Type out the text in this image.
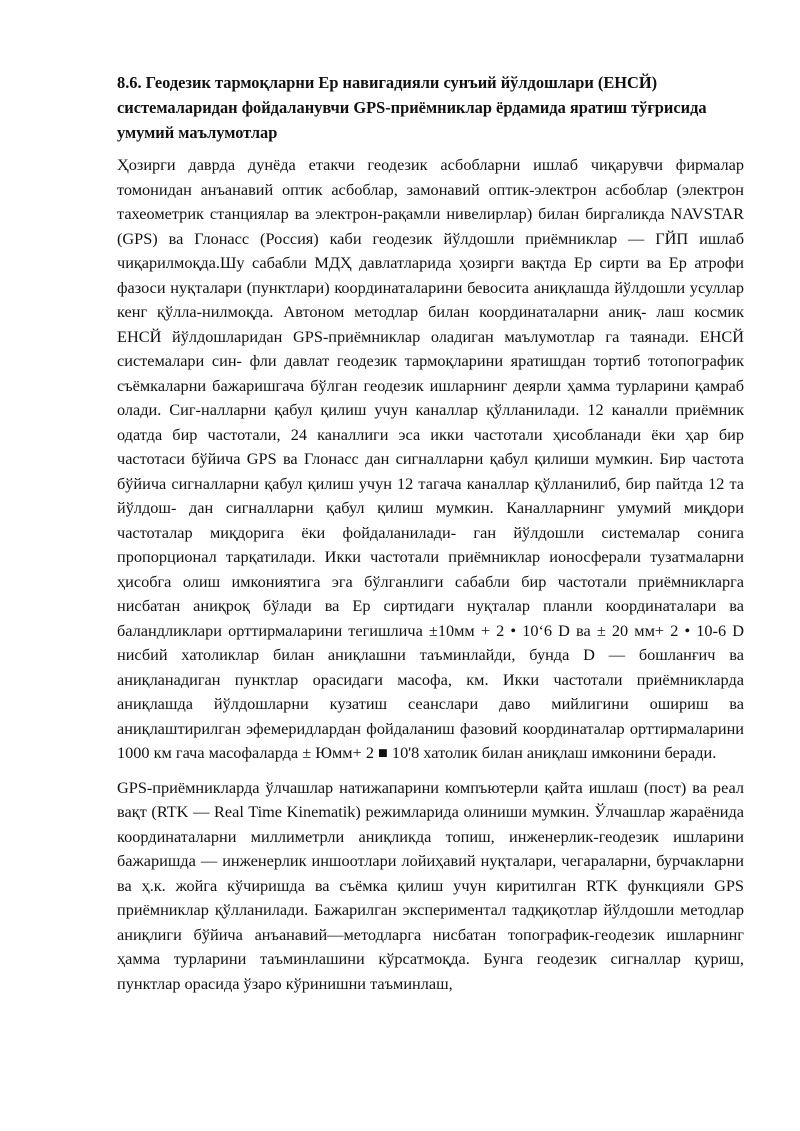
8.6. Геодезик тармоқларни Ер навигадияли сунъий йўлдошлари (ЕНСЙ) системаларидан фойдаланувчи GPS-приёмниклар ёрдамида яратиш тўғрисида умумий маълумотлар

Ҳозирги даврда дунёда етакчи геодезик асбобларни ишлаб чиқарувчи фирмалар томонидан анъанавий оптик асбоблар, замонавий оптик-электрон асбоблар (электрон тахеометрик станциялар ва электрон-рақамли нивелирлар) билан биргаликда NAVSTAR (GPS) ва Глонасс (Россия) каби геодезик йўлдошли приёмниклар — ГЙП ишлаб чиқарилмоқда.Шу сабабли МДҲ давлатларида ҳозирги вақтда Ер сирти ва Ер атрофи фазоси нуқталари (пунктлари) координаталарини бевосита аниқлашда йўлдошли усуллар кенг қўлла-нилмоқда. Автоном методлар билан координаталарни аниқ- лаш космик ЕНСЙ йўлдошларидан GPS-приёмниклар оладиган маълумотлар га таянади. ЕНСЙ системалари син- фли давлат геодезик тармоқларини яратишдан тортиб тотопографик съёмкаларни бажаришгача бўлган геодезик ишларнинг деярли ҳамма турларини қамраб олади. Сиг-налларни қабул қилиш учун каналлар қўлланилади. 12 каналли приёмник одатда бир частотали, 24 каналлиги эса икки частотали ҳисобланади ёки ҳар бир частотаси бўйича GPS ва Глонасс дан сигналларни қабул қилиши мумкин. Бир частота бўйича сигналларни қабул қилиш учун 12 тагача каналлар қўлланилиб, бир пайтда 12 та йўлдош- дан сигналларни қабул қилиш мумкин. Каналларнинг умумий миқдори частоталар миқдорига ёки фойдаланилади- ган йўлдошли системалар сонига пропорционал тарқатилади. Икки частотали приёмниклар ионосферали тузатмаларни ҳисобга олиш имкониятига эга бўлганлиги сабабли бир частотали приёмникларга нисбатан аниқроқ бўлади ва Ер сиртидаги нуқталар планли координаталари ва баландликлари орттирмаларини тегишлича ±10мм + 2 • 10‘6 D ва ± 20 мм+ 2 • 10-6 D нисбий хатоликлар билан аниқлашни таъминлайди, бунда D — бошланғич ва аниқланадиган пунктлар орасидаги масофа, км. Икки частотали приёмникларда аниқлашда йўлдошларни кузатиш сеанслари даво мийлигини ошириш ва аниқлаштирилган эфемеридлардан фойдаланиш фазовий координаталар орттирмаларини 1000 км гача масофаларда ± Юмм+ 2 ■ 10'8 хатолик билан аниқлаш имконини беради.

GPS-приёмникларда ўлчашлар натижапарини компъютерли қайта ишлаш (пост) ва реал вақт (RTK — Real Time Kinematik) режимларида олиниши мумкин. Ўлчашлар жараёнида координаталарни миллиметрли аниқликда топиш, инженерлик-геодезик ишларини бажаришда — инженерлик иншоотлари лойиҳавий нуқталари, чегараларни, бурчакларни ва ҳ.к. жойга кўчиришда ва съёмка қилиш учун киритилган RTK функцияли GPS приёмниклар қўлланилади. Бажарилган экспериментал тадқиқотлар йўлдошли методлар аниқлиги бўйича анъанавий—методларга нисбатан топографик-геодезик ишларнинг ҳамма турларини таъминлашини кўрсатмоқда. Бунга геодезик сигналлар қуриш, пунктлар орасида ўзаро кўринишни таъминлаш,
